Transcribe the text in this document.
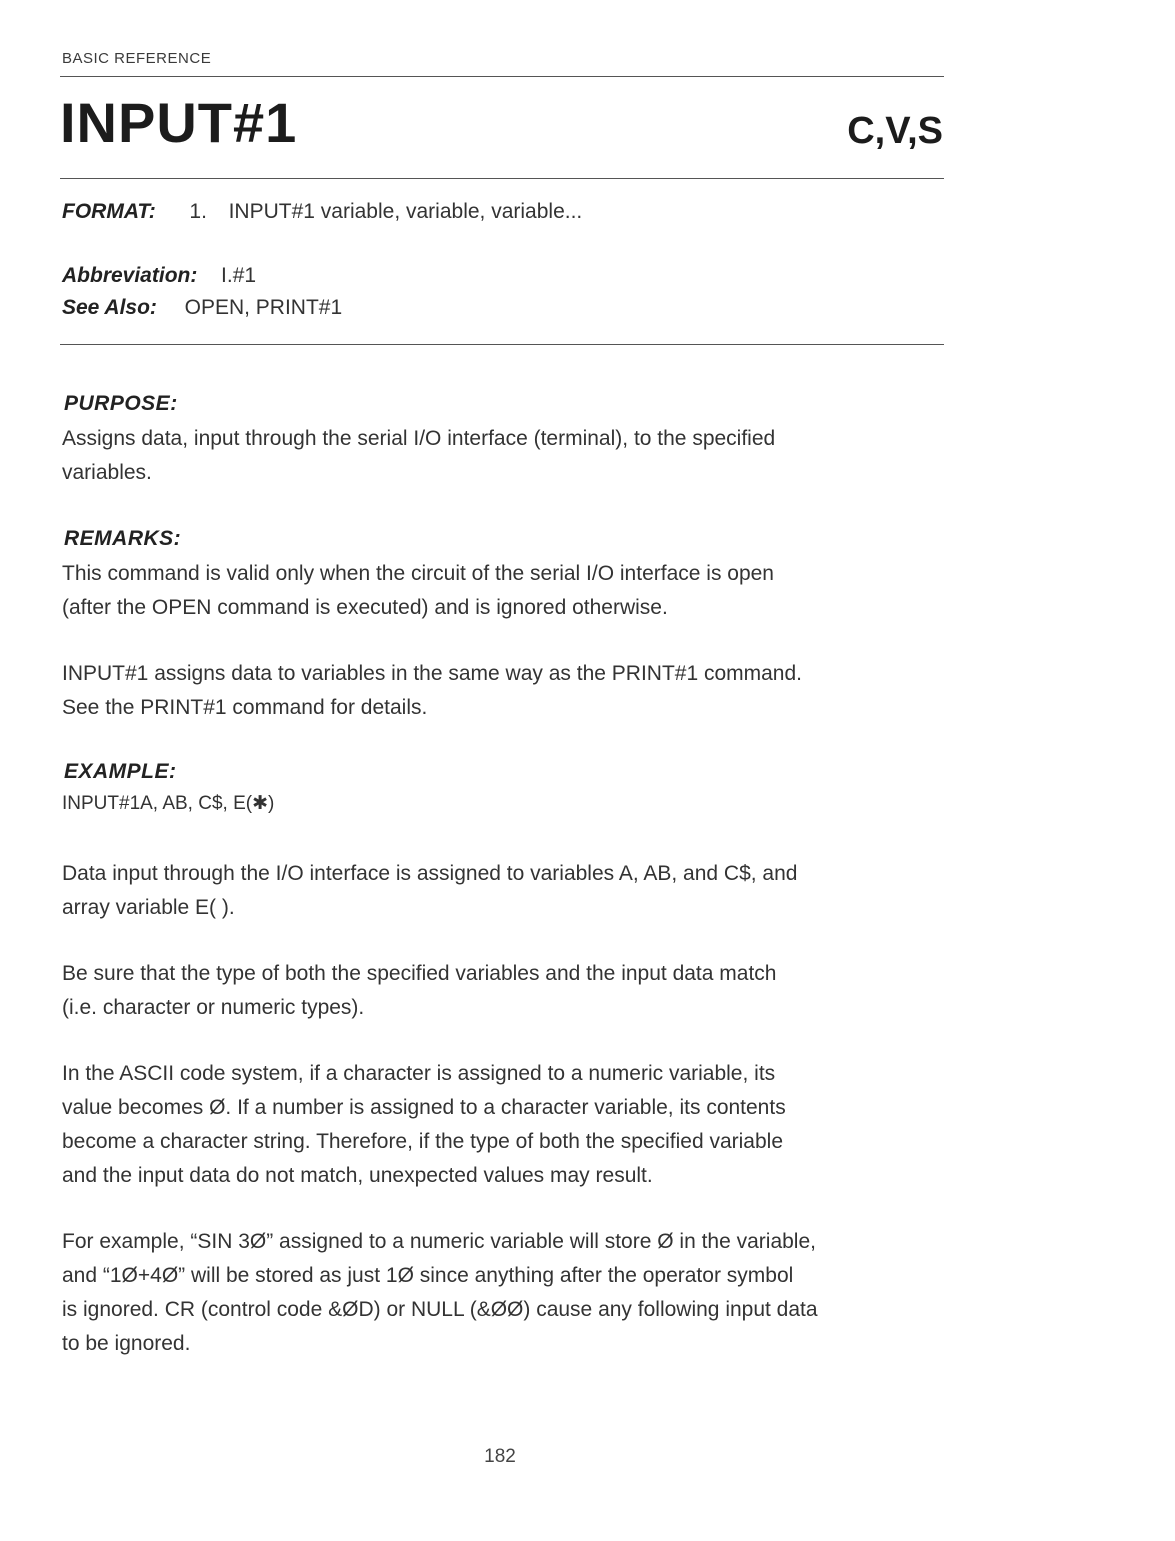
BASIC REFERENCE
INPUT#1	C,V,S
FORMAT: 1. INPUT#1 variable, variable, variable...
Abbreviation: I.#1
See Also: OPEN, PRINT#1
PURPOSE:

Assigns data, input through the serial I/O interface (terminal), to the specified
variables.

REMARKS:

This command is valid only when the circuit of the serial I/O interface is open
(after the OPEN command is executed) and is ignored otherwise.

INPUT#1 assigns data to variables in the same way as the PRINT#1 command.
See the PRINT#1 command for details.

EXAMPLE:
INPUT#1A, AB, C$, E(✱)

Data input through the I/O interface is assigned to variables A, AB, and C$, and
array variable E( ).

Be sure that the type of both the specified variables and the input data match
(i.e. character or numeric types).

In the ASCII code system, if a character is assigned to a numeric variable, its
value becomes Ø. If a number is assigned to a character variable, its contents
become a character string. Therefore, if the type of both the specified variable
and the input data do not match, unexpected values may result.

For example, “SIN 3Ø” assigned to a numeric variable will store Ø in the variable,
and “1Ø+4Ø” will be stored as just 1Ø since anything after the operator symbol
is ignored. CR (control code &ØD) or NULL (&ØØ) cause any following input data
to be ignored.

182
